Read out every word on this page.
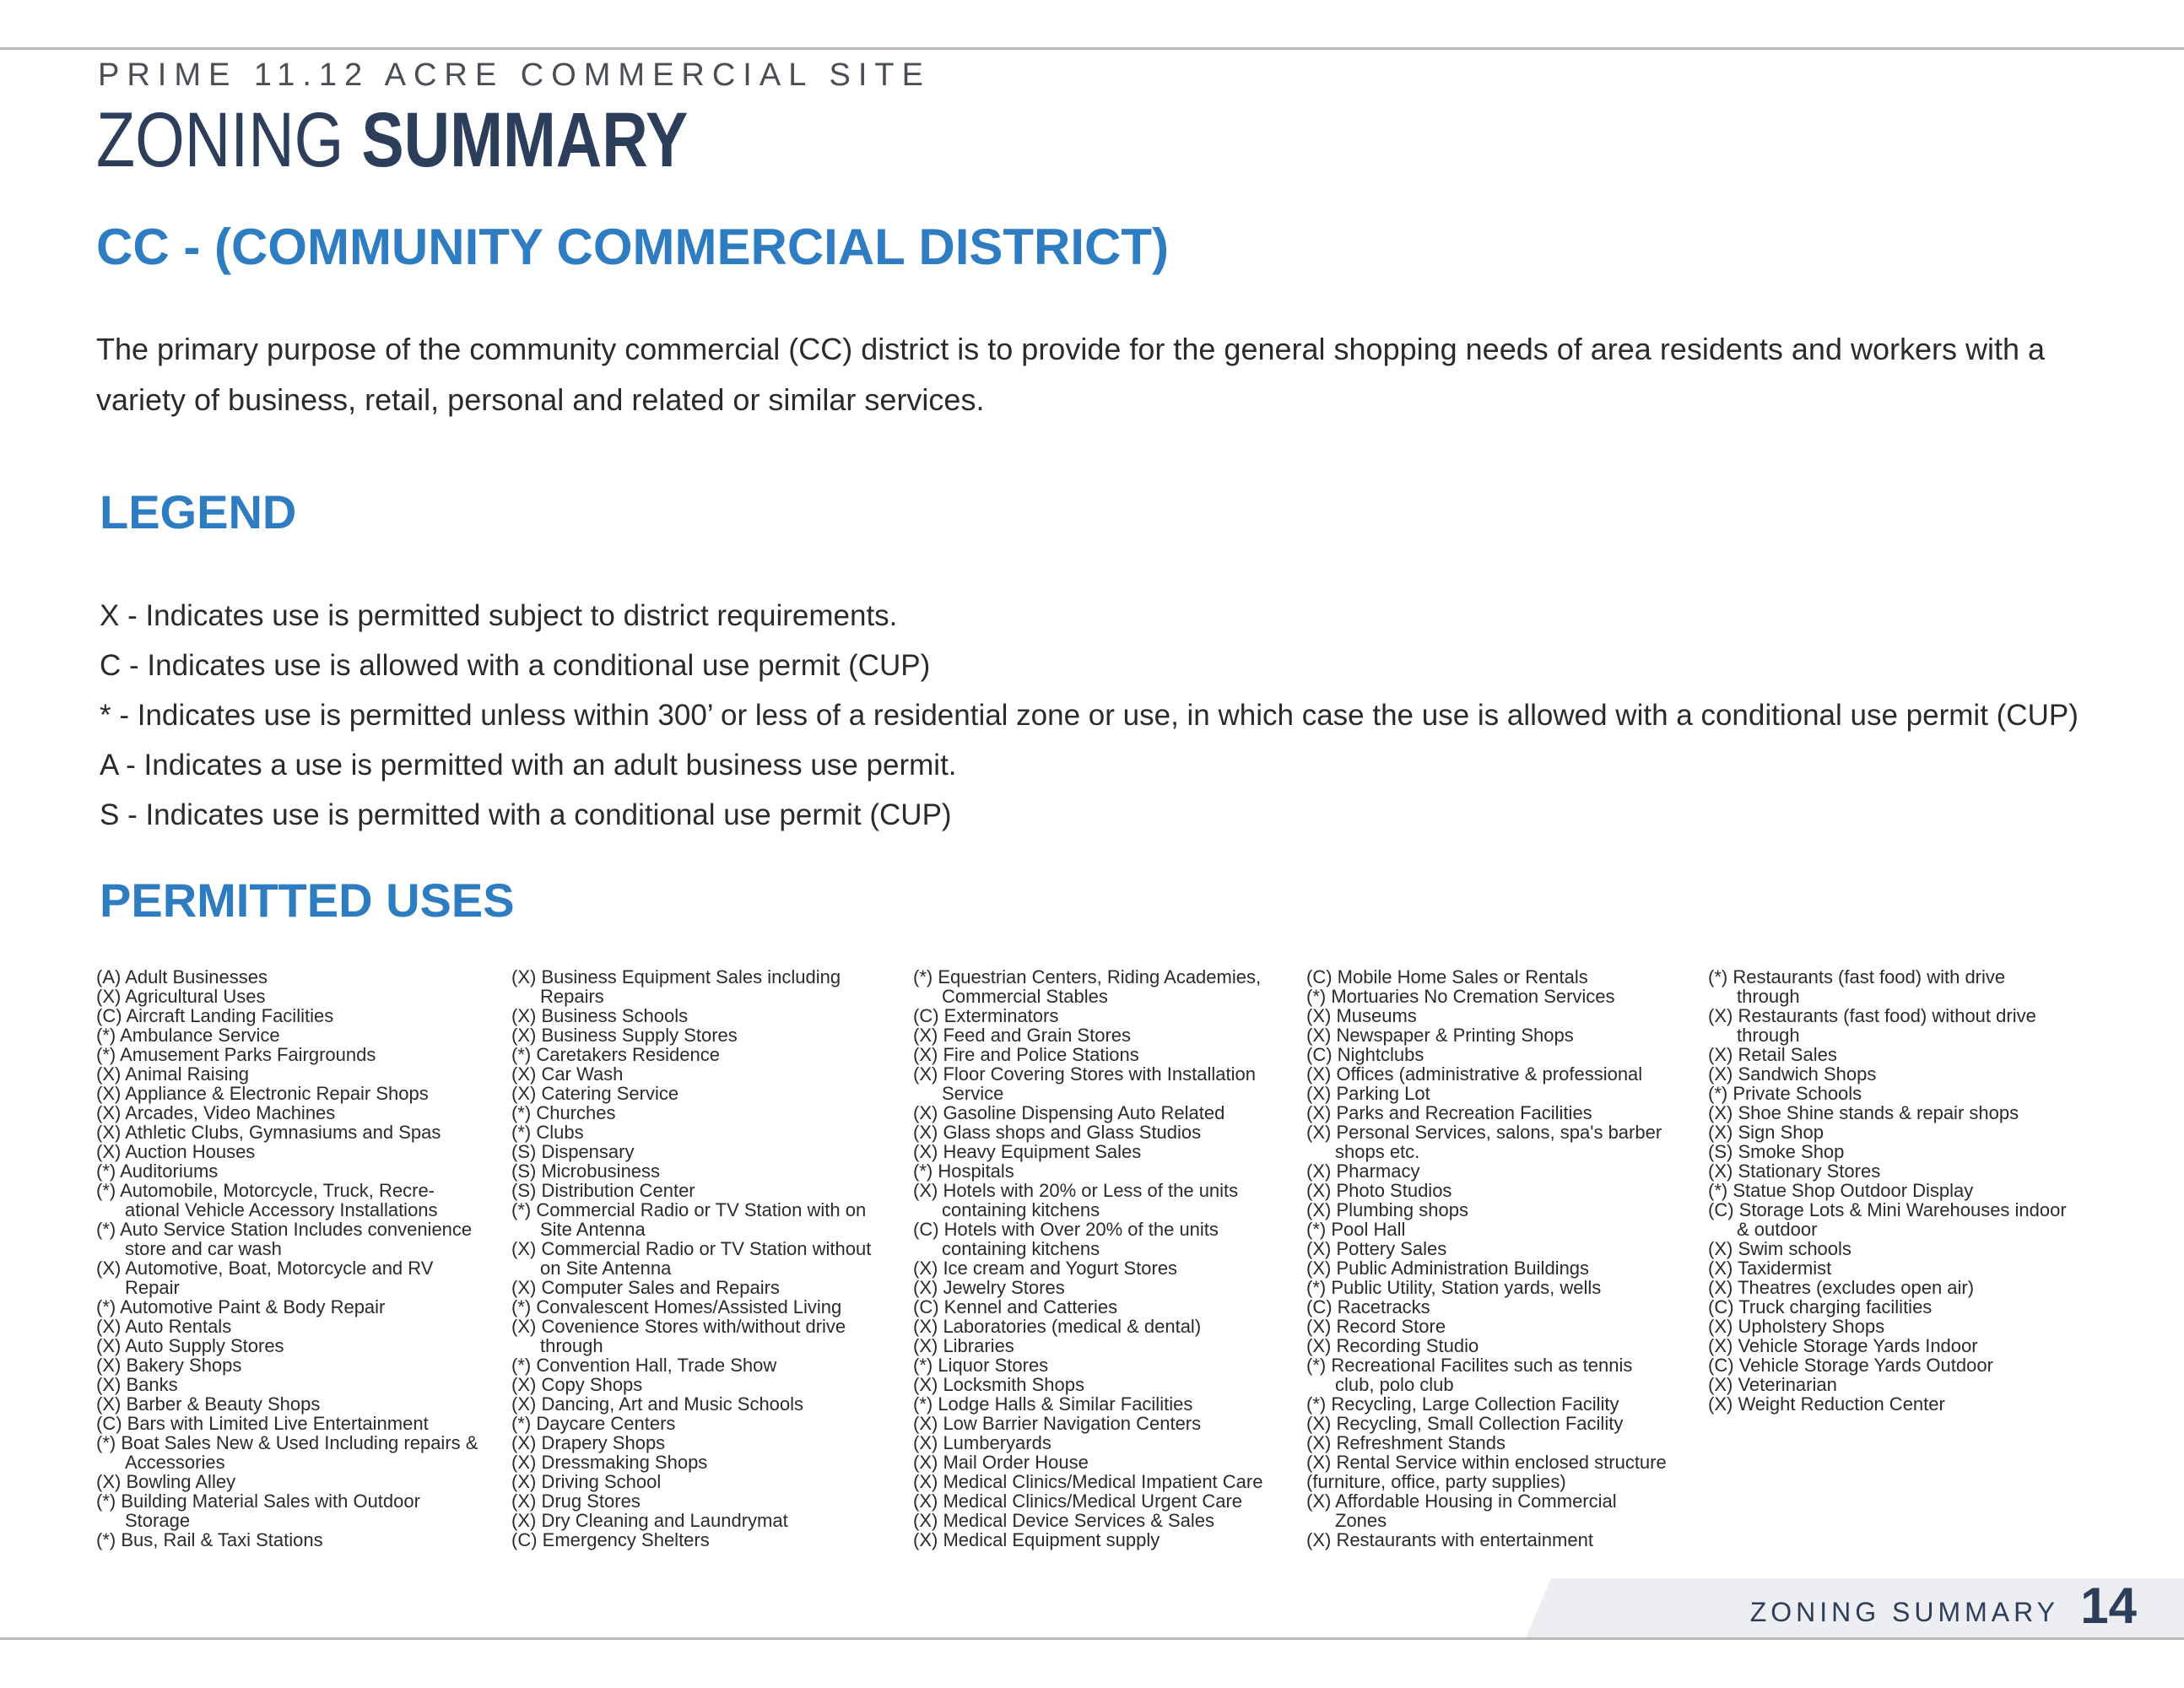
PRIME 11.12 ACRE COMMERCIAL SITE
ZONING SUMMARY
CC - (COMMUNITY COMMERCIAL DISTRICT)
The primary purpose of the community commercial (CC) district is to provide for the general shopping needs of area residents and workers with a variety of business, retail, personal and related or similar services.
LEGEND
X - Indicates use is permitted subject to district requirements.
C - Indicates use is allowed with a conditional use permit (CUP)
* - Indicates use is permitted unless within 300’ or less of a residential zone or use, in which case the use is allowed with a conditional use permit (CUP)
A - Indicates a use is permitted with an adult business use permit.
S - Indicates use is permitted with a conditional use permit (CUP)
PERMITTED USES
(A) Adult Businesses
(X) Agricultural Uses
(C) Aircraft Landing Facilities
(*) Ambulance Service
(*) Amusement Parks Fairgrounds
(X) Animal Raising
(X) Appliance & Electronic Repair Shops
(X) Arcades, Video Machines
(X) Athletic Clubs, Gymnasiums and Spas
(X) Auction Houses
(*) Auditoriums
(*) Automobile, Motorcycle, Truck, Recre-
ational Vehicle Accessory Installations
(*) Auto Service Station Includes convenience
store and car wash
(X) Automotive, Boat, Motorcycle and RV
Repair
(*) Automotive Paint & Body Repair
(X) Auto Rentals
(X) Auto Supply Stores
(X) Bakery Shops
(X) Banks
(X) Barber & Beauty Shops
(C) Bars with Limited Live Entertainment
(*) Boat Sales New & Used Including repairs &
Accessories
(X) Bowling Alley
(*) Building Material Sales with Outdoor
Storage
(*) Bus, Rail & Taxi Stations
(X) Business Equipment Sales including
Repairs
(X) Business Schools
(X) Business Supply Stores
(*) Caretakers Residence
(X) Car Wash
(X) Catering Service
(*) Churches
(*) Clubs
(S) Dispensary
(S) Microbusiness
(S) Distribution Center
(*) Commercial Radio or TV Station with on
Site Antenna
(X) Commercial Radio or TV Station without
on Site Antenna
(X) Computer Sales and Repairs
(*) Convalescent Homes/Assisted Living
(X) Covenience Stores with/without drive
through
(*) Convention Hall, Trade Show
(X) Copy Shops
(X) Dancing, Art and Music Schools
(*) Daycare Centers
(X) Drapery Shops
(X) Dressmaking Shops
(X) Driving School
(X) Drug Stores
(X) Dry Cleaning and Laundrymat
(C) Emergency Shelters
(*) Equestrian Centers, Riding Academies,
Commercial Stables
(C) Exterminators
(X) Feed and Grain Stores
(X) Fire and Police Stations
(X) Floor Covering Stores with Installation
Service
(X) Gasoline Dispensing Auto Related
(X) Glass shops and Glass Studios
(X) Heavy Equipment Sales
(*) Hospitals
(X) Hotels with 20% or Less of the units
containing kitchens
(C) Hotels with Over 20% of the units
containing kitchens
(X) Ice cream and Yogurt Stores
(X) Jewelry Stores
(C) Kennel and Catteries
(X) Laboratories (medical & dental)
(X) Libraries
(*) Liquor Stores
(X) Locksmith Shops
(*) Lodge Halls & Similar Facilities
(X) Low Barrier Navigation Centers
(X) Lumberyards
(X) Mail Order House
(X) Medical Clinics/Medical Impatient Care
(X) Medical Clinics/Medical Urgent Care
(X) Medical Device Services & Sales
(X) Medical Equipment supply
(C) Mobile Home Sales or Rentals
(*) Mortuaries No Cremation Services
(X) Museums
(X) Newspaper & Printing Shops
(C) Nightclubs
(X) Offices (administrative & professional
(X) Parking Lot
(X) Parks and Recreation Facilities
(X) Personal Services, salons, spa's barber
shops etc.
(X) Pharmacy
(X) Photo Studios
(X) Plumbing shops
(*) Pool Hall
(X) Pottery Sales
(X) Public Administration Buildings
(*) Public Utility, Station yards, wells
(C) Racetracks
(X) Record Store
(X) Recording Studio
(*) Recreational Facilites such as tennis
club, polo club
(*) Recycling, Large Collection Facility
(X) Recycling, Small Collection Facility
(X) Refreshment Stands
(X) Rental Service within enclosed structure
(furniture, office, party supplies)
(X) Affordable Housing in Commercial
Zones
(X) Restaurants with entertainment
(*) Restaurants (fast food) with drive
through
(X) Restaurants (fast food) without drive
through
(X) Retail Sales
(X) Sandwich Shops
(*) Private Schools
(X) Shoe Shine stands & repair shops
(X) Sign Shop
(S) Smoke Shop
(X) Stationary Stores
(*) Statue Shop Outdoor Display
(C) Storage Lots & Mini Warehouses indoor
& outdoor
(X) Swim schools
(X) Taxidermist
(X) Theatres (excludes open air)
(C) Truck charging facilities
(X) Upholstery Shops
(X) Vehicle Storage Yards Indoor
(C) Vehicle Storage Yards Outdoor
(X) Veterinarian
(X) Weight Reduction Center
ZONING SUMMARY 14
